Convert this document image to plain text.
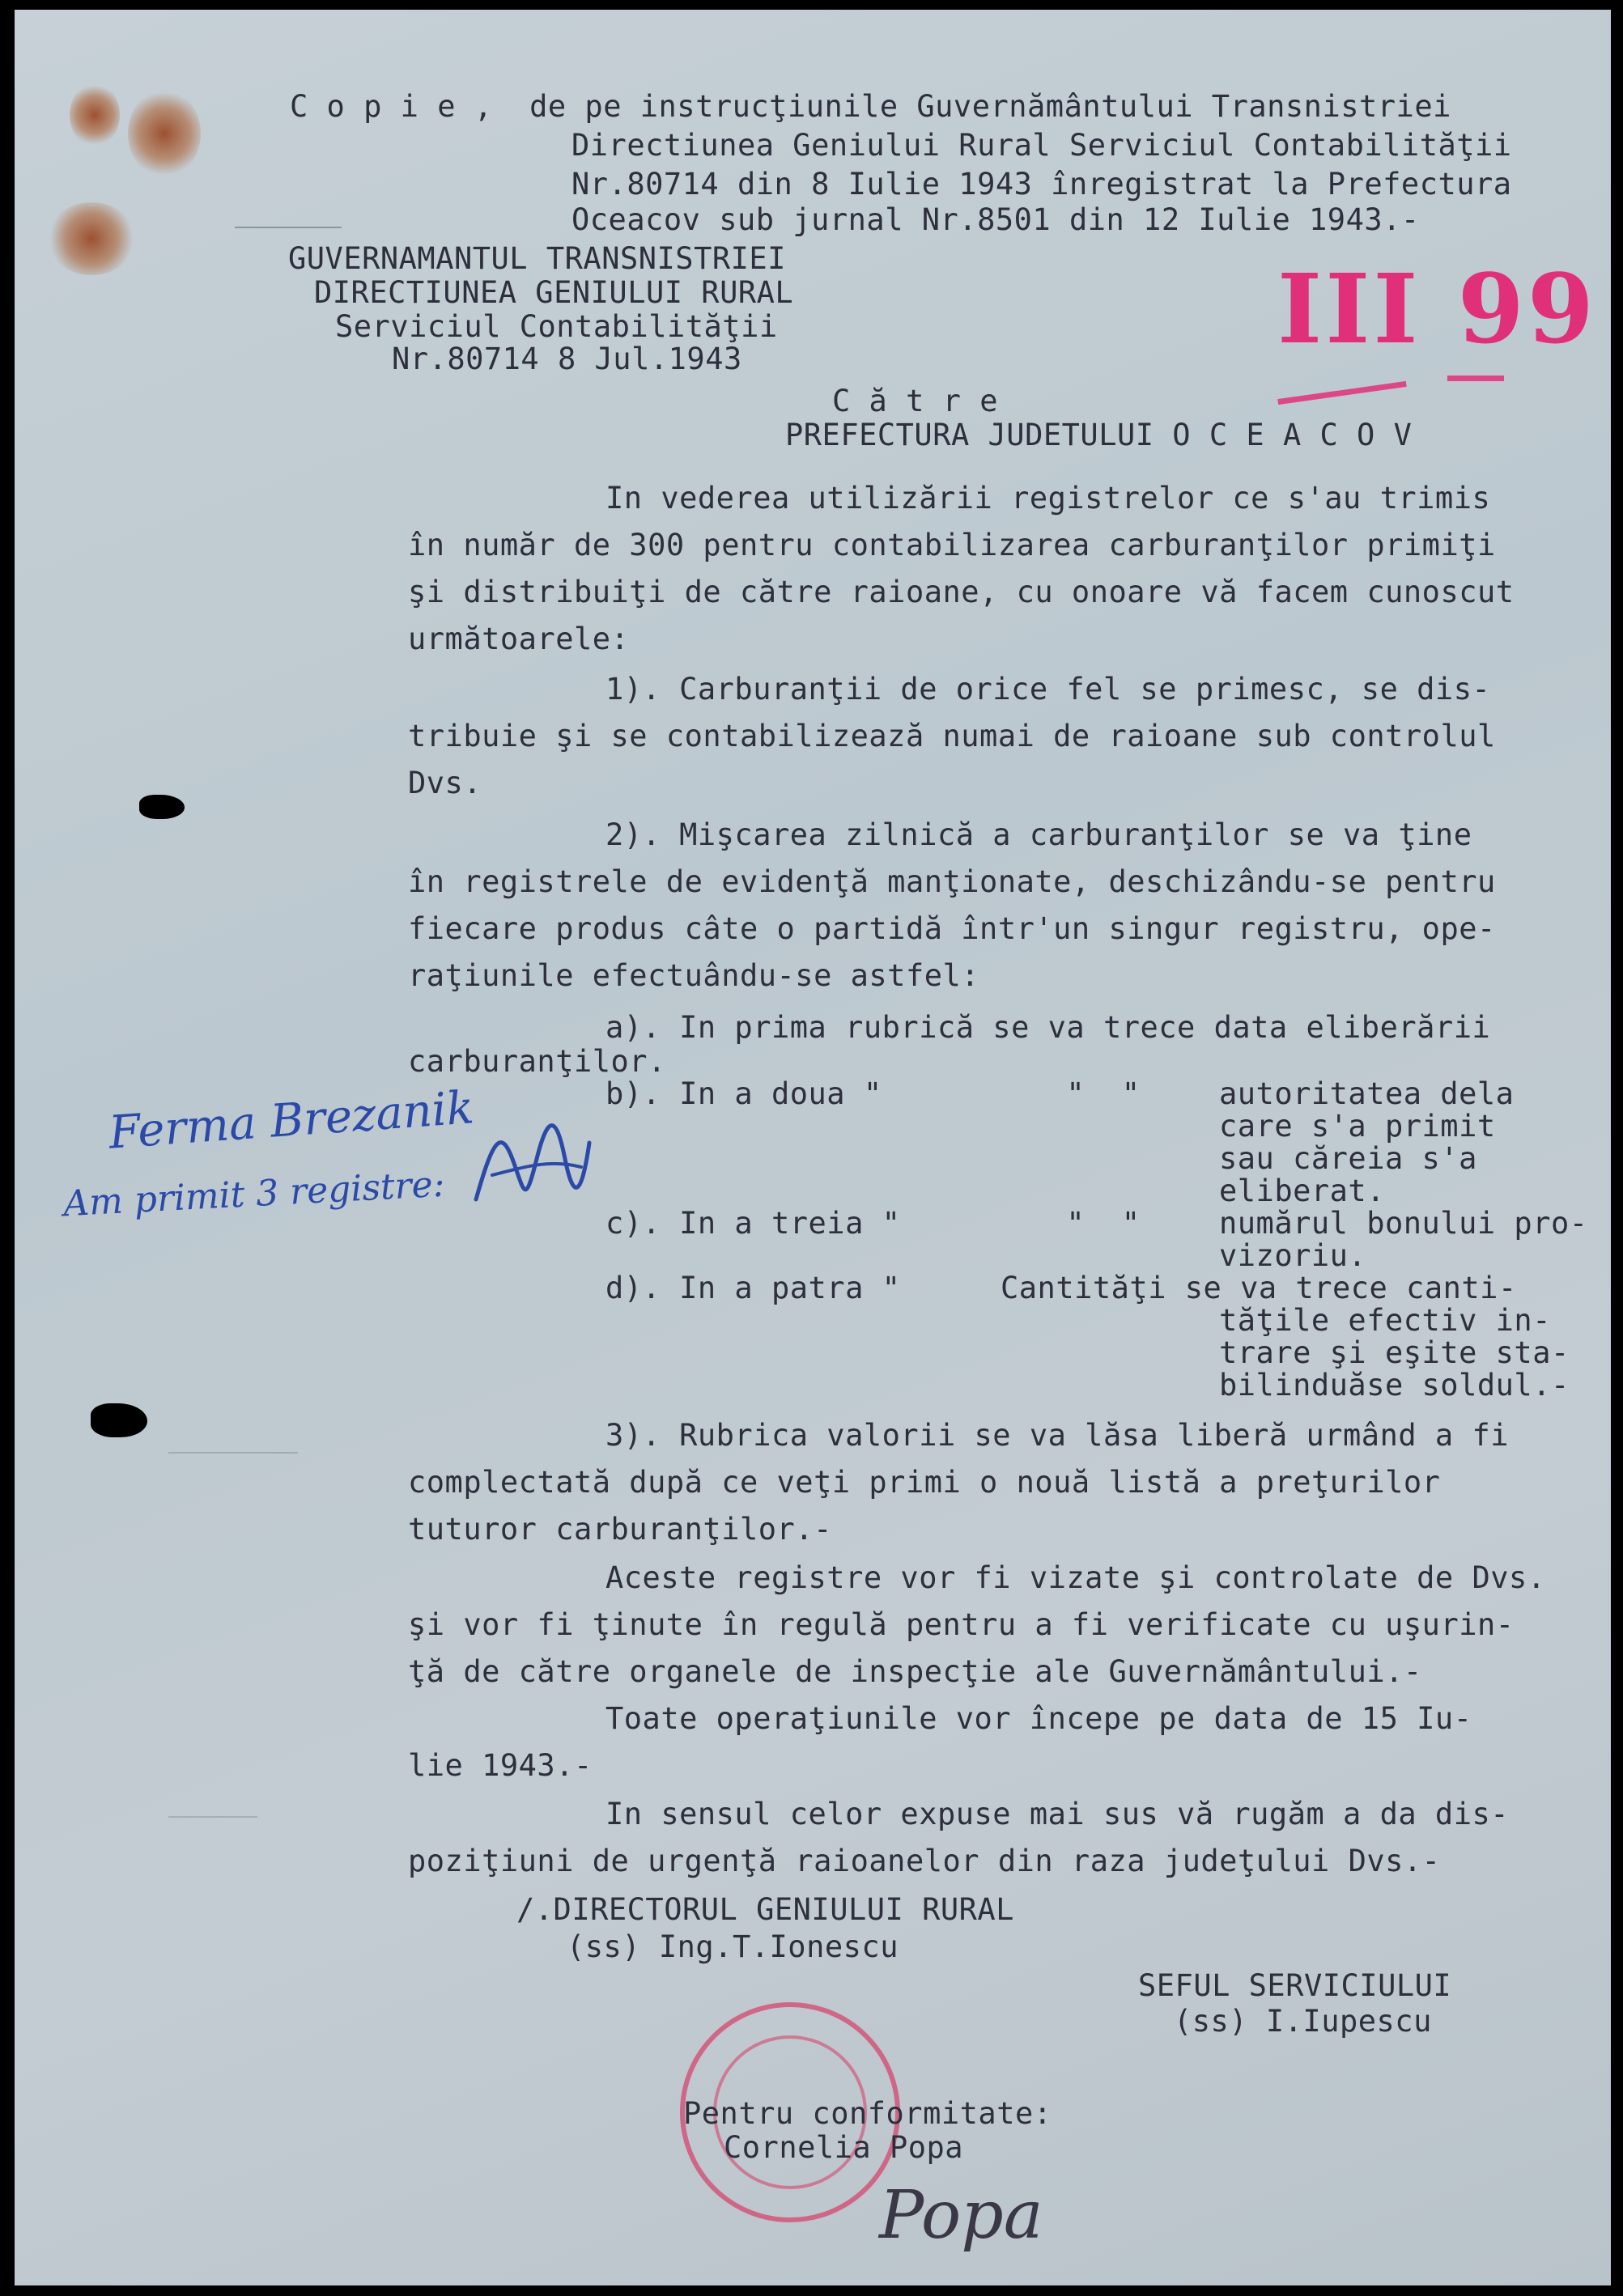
C o p i e ,  de pe instrucţiunile Guvernământului Transnistriei
Directiunea Geniului Rural Serviciul Contabilităţii
Nr.80714 din 8 Iulie 1943 înregistrat la Prefectura
Oceacov sub jurnal Nr.8501 din 12 Iulie 1943.-
GUVERNAMANTUL TRANSNISTRIEI
DIRECTIUNEA GENIULUI RURAL
Serviciul Contabilităţii
Nr.80714 8 Jul.1943	III 99
C ă t r e
PREFECTURA JUDETULUI O C E A C O V
In vederea utilizării registrelor ce s'au trimis
în număr de 300 pentru contabilizarea carburanţilor primiţi
şi distribuiţi de către raioane, cu onoare vă facem cunoscut
următoarele:
1). Carburanţii de orice fel se primesc, se dis-
tribuie şi se contabilizează numai de raioane sub controlul
Dvs.
2). Mişcarea zilnică a carburanţilor se va ţine
în registrele de evidenţă manţionate, deschizându-se pentru
fiecare produs câte o partidă într'un singur registru, ope-
raţiunile efectuându-se astfel:
a). In prima rubrică se va trece data eliberării
carburanţilor.
b). In a doua "          "  "	autoritatea dela
care s'a primit
sau căreia s'a
eliberat.
c). In a treia "         "  "	numărul bonului pro-
vizoriu.
d). In a patra "	Cantităţi se va trece canti-
tăţile efectiv in-
trare şi eşite sta-
bilinduăse soldul.-
3). Rubrica valorii se va lăsa liberă urmând a fi
complectată după ce veţi primi o nouă listă a preţurilor
tuturor carburanţilor.-
Aceste registre vor fi vizate şi controlate de Dvs.
şi vor fi ţinute în regulă pentru a fi verificate cu uşurin-
ţă de către organele de inspecţie ale Guvernământului.-
Toate operaţiunile vor începe pe data de 15 Iu-
lie 1943.-
In sensul celor expuse mai sus vă rugăm a da dis-
poziţiuni de urgenţă raioanelor din raza judeţului Dvs.-
/.DIRECTORUL GENIULUI RURAL
(ss) Ing.T.Ionescu
SEFUL SERVICIULUI
(ss) I.Iupescu
Pentru conformitate:
Cornelia Popa
Popa
Ferma Brezanik
Am primit 3 registre:
